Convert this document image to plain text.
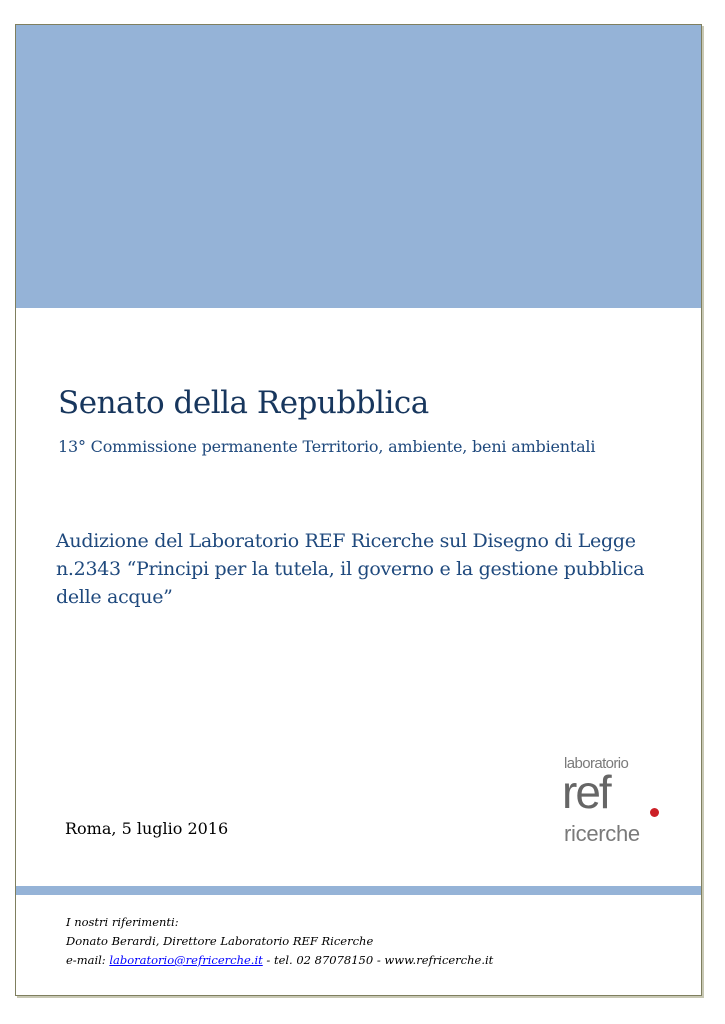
Senato della Repubblica
13° Commissione permanente Territorio, ambiente, beni ambientali
Audizione del Laboratorio REF Ricerche sul Disegno di Legge
n.2343 “Principi per la tutela, il governo e la gestione pubblica
delle acque”
laboratorio
ref
ricerche
Roma, 5 luglio 2016
I nostri riferimenti:
Donato Berardi, Direttore Laboratorio REF Ricerche
e-mail: laboratorio@refricerche.it - tel. 02 87078150 - www.refricerche.it
